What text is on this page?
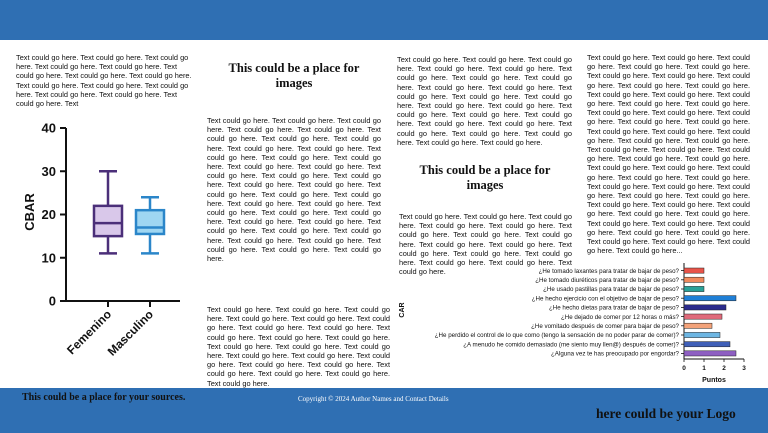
Text could go here. Text could go here. Text could go here. Text could go here. Text could go here. Text could go here. Text could go here. Text could go here. Text could go here. Text could go here. Text could go here. Text could go here. Text could go here. Text could go here. Text
CBAR
0
10
20
30
40
Femenino
Masculino
This could be a place for images
Text could go here. Text could go here. Text could go here. Text could go here. Text could go here. Text could go here. Text could go here. Text could go here. Text could go here. Text could go here. Text could go here. Text could go here. Text could go here. Text could go here. Text could go here. Text could go here. Text could go here. Text could go here. Text could go here. Text could go here. Text could go here. Text could go here. Text could go here. Text could go here. Text could go here. Text could go here. Text could go here. Text could go here. Text could go here. Text could go here. Text could go here. Text could go here. Text could go here. Text could go here. Text could go here. Text could go here. Text could go here. Text could go here.
Text could go here. Text could go here. Text could go here. Text could go here. Text could go here. Text could go here. Text could go here. Text could go here. Text could go here. Text could go here. Text could go here. Text could go here. Text could go here. Text could go here. Text could go here. Text could go here. Text could go here. Text could go here. Text could go here. Text could go here. Text could go here. Text could go here. Text could go here.
Text could go here. Text could go here. Text could go here. Text could go here. Text could go here. Text could go here. Text could go here. Text could go here. Text could go here. Text could go here. Text could go here. Text could go here. Text could go here. Text could go here. Text could go here. Text could go here. Text could go here. Text could go here. Text could go here. Text could go here. Text could go here. Text could go here. Text could go here. Text could go here. Text could go here.
This could be a place for images
Text could go here. Text could go here. Text could go here. Text could go here. Text could go here. Text could go here. Text could go here. Text could go here. Text could go here. Text could go here. Text could go here. Text could go here. Text could go here. Text could go here. Text could go here. Text could go here.
Text could go here. Text could go here. Text could go here. Text could go here. Text could go here. Text could go here. Text could go here. Text could go here. Text could go here. Text could go here. Text could go here. Text could go here. Text could go here. Text could go here. Text could go here. Text could go here. Text could go here. Text could go here. Text could go here. Text could go here. Text could go here. Text could go here. Text could go here. Text could go here. Text could go here. Text could go here. Text could go here. Text could go here. Text could go here. Text could go here. Text could go here. Text could go here. Text could go here. Text could go here. Text could go here. Text could go here. Text could go here. Text could go here. Text could go here. Text could go here. Text could go here. Text could go here. Text could go here. Text could go here. Text could go here. Text could go here. Text could go here. Text could go here. Text could go here. Text could go here. Text could go here. Text could go here. Text could go here. Text could go here...
CAR
¿He tomado laxantes para tratar de bajar de peso?
¿He tomado diuréticos para tratar de bajar de peso?
¿He usado pastillas para tratar de bajar de peso?
¿He hecho ejercicio con el objetivo de bajar de peso?
¿He hecho dietas para tratar de bajar de peso?
¿He dejado de comer por 12 horas o más?
¿He vomitado después de comer para bajar de peso?
¿He perdido el control de lo que como (tengo la sensación de no poder parar de comer)?
¿A menudo he comido demasiado (me siento muy llen@) después de comer)?
¿Alguna vez te has preocupado por engordar?
0	1	2	3
Puntos
This could be a place for your sources.	Copyright © 2024 Author Names and Contact Details
here could be your Logo
